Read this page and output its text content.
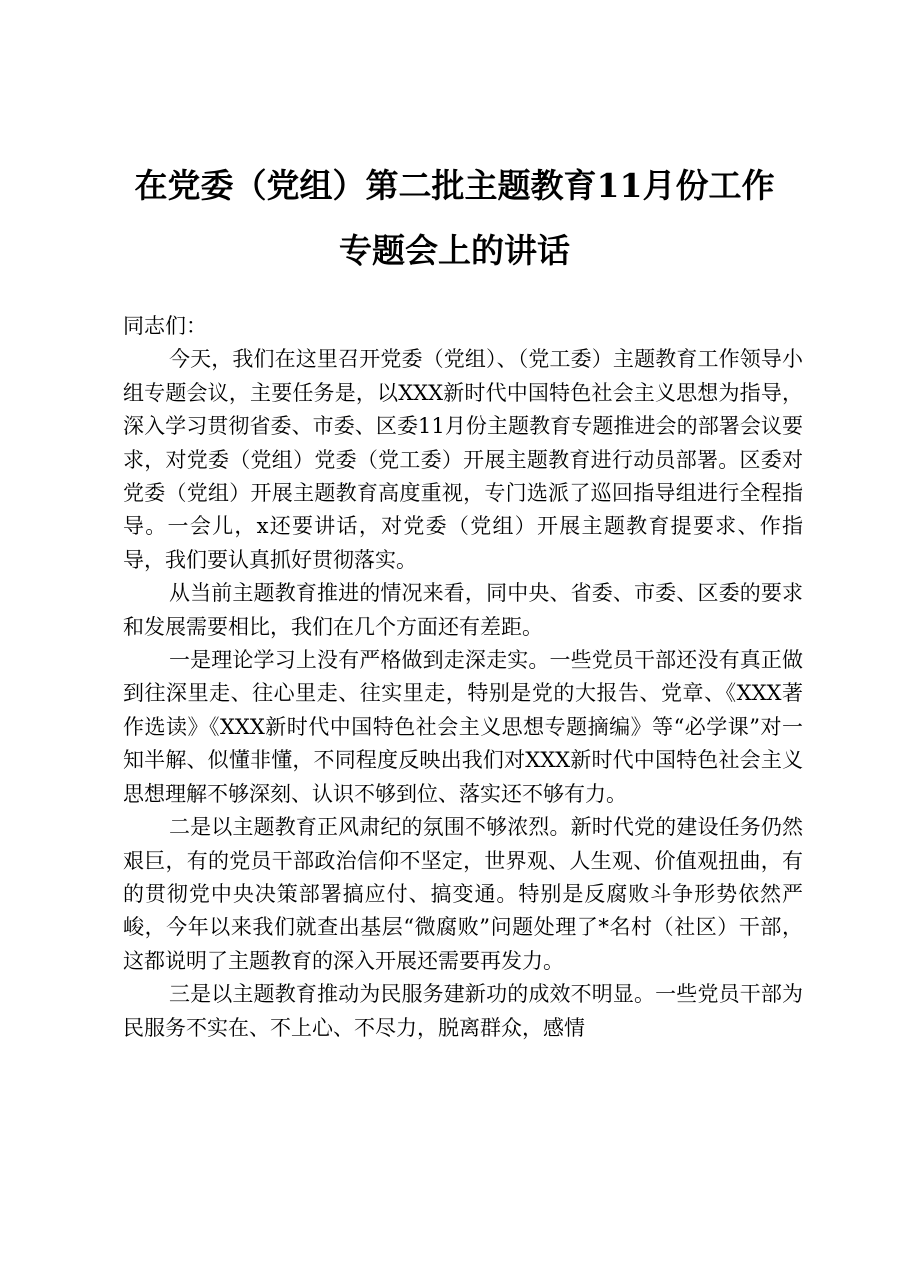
在党委（党组）第二批主题教育11月份工作
专题会上的讲话

同志们：

今天，我们在这里召开党委（党组）、（党工委）主题教育工作领导小组专题会议，主要任务是，以XXX新时代中国特色社会主义思想为指导，深入学习贯彻省委、市委、区委11月份主题教育专题推进会的部署会议要求，对党委（党组）党委（党工委）开展主题教育进行动员部署。区委对党委（党组）开展主题教育高度重视，专门选派了巡回指导组进行全程指导。一会儿，x还要讲话，对党委（党组）开展主题教育提要求、作指导，我们要认真抓好贯彻落实。

从当前主题教育推进的情况来看，同中央、省委、市委、区委的要求和发展需要相比，我们在几个方面还有差距。

一是理论学习上没有严格做到走深走实。一些党员干部还没有真正做到往深里走、往心里走、往实里走，特别是党的大报告、党章、《XXX著作选读》《XXX新时代中国特色社会主义思想专题摘编》等“必学课”对一知半解、似懂非懂，不同程度反映出我们对XXX新时代中国特色社会主义思想理解不够深刻、认识不够到位、落实还不够有力。

二是以主题教育正风肃纪的氛围不够浓烈。新时代党的建设任务仍然艰巨，有的党员干部政治信仰不坚定，世界观、人生观、价值观扭曲，有的贯彻党中央决策部署搞应付、搞变通。特别是反腐败斗争形势依然严峻，今年以来我们就查出基层“微腐败”问题处理了*名村（社区）干部，这都说明了主题教育的深入开展还需要再发力。

三是以主题教育推动为民服务建新功的成效不明显。一些党员干部为民服务不实在、不上心、不尽力，脱离群众，感情
